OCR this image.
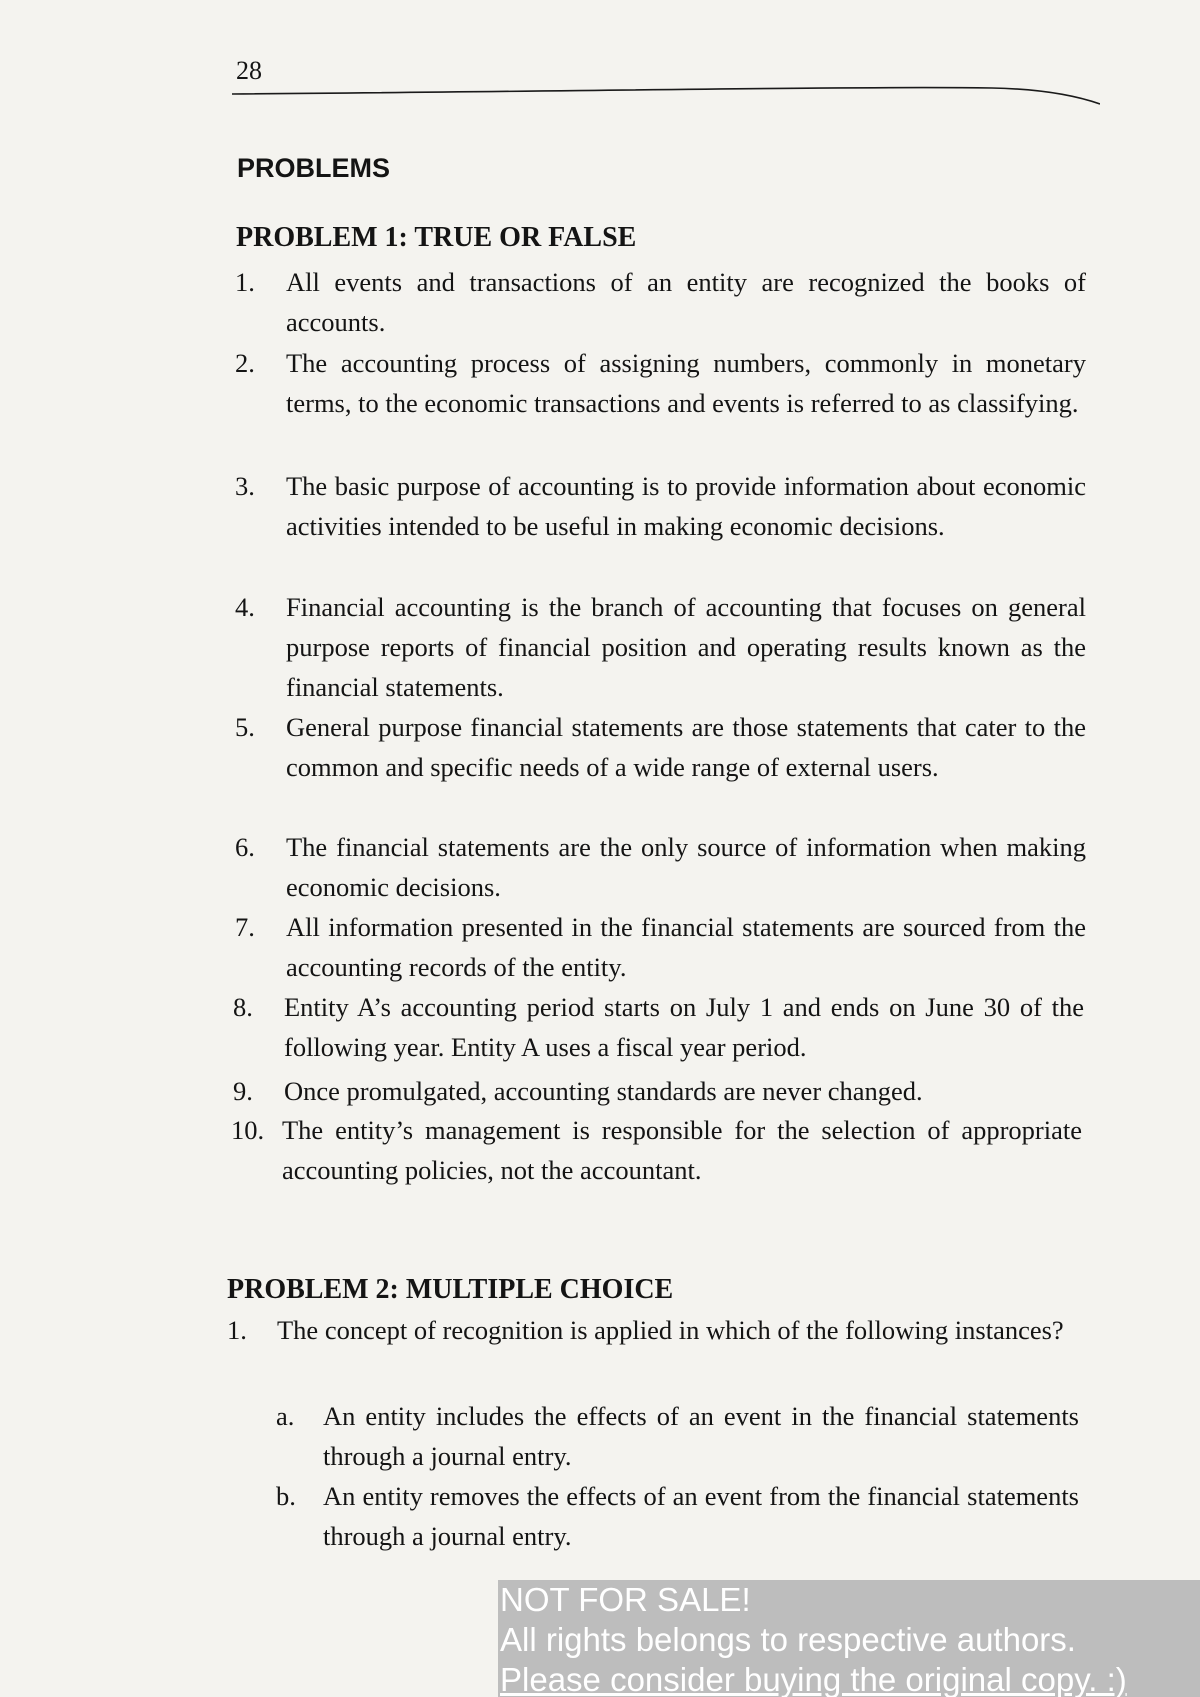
28
PROBLEMS
PROBLEM 1: TRUE OR FALSE
1. All events and transactions of an entity are recognized the books of accounts.
2. The accounting process of assigning numbers, commonly in monetary terms, to the economic transactions and events is referred to as classifying.
3. The basic purpose of accounting is to provide information about economic activities intended to be useful in making economic decisions.
4. Financial accounting is the branch of accounting that focuses on general purpose reports of financial position and operating results known as the financial statements.
5. General purpose financial statements are those statements that cater to the common and specific needs of a wide range of external users.
6. The financial statements are the only source of information when making economic decisions.
7. All information presented in the financial statements are sourced from the accounting records of the entity.
8. Entity A’s accounting period starts on July 1 and ends on June 30 of the following year. Entity A uses a fiscal year period.
9. Once promulgated, accounting standards are never changed.
10. The entity’s management is responsible for the selection of appropriate accounting policies, not the accountant.
PROBLEM 2: MULTIPLE CHOICE
1. The concept of recognition is applied in which of the following instances?
a. An entity includes the effects of an event in the financial statements through a journal entry.
b. An entity removes the effects of an event from the financial statements through a journal entry.
NOT FOR SALE!
All rights belongs to respective authors.
Please consider buying the original copy. :)
